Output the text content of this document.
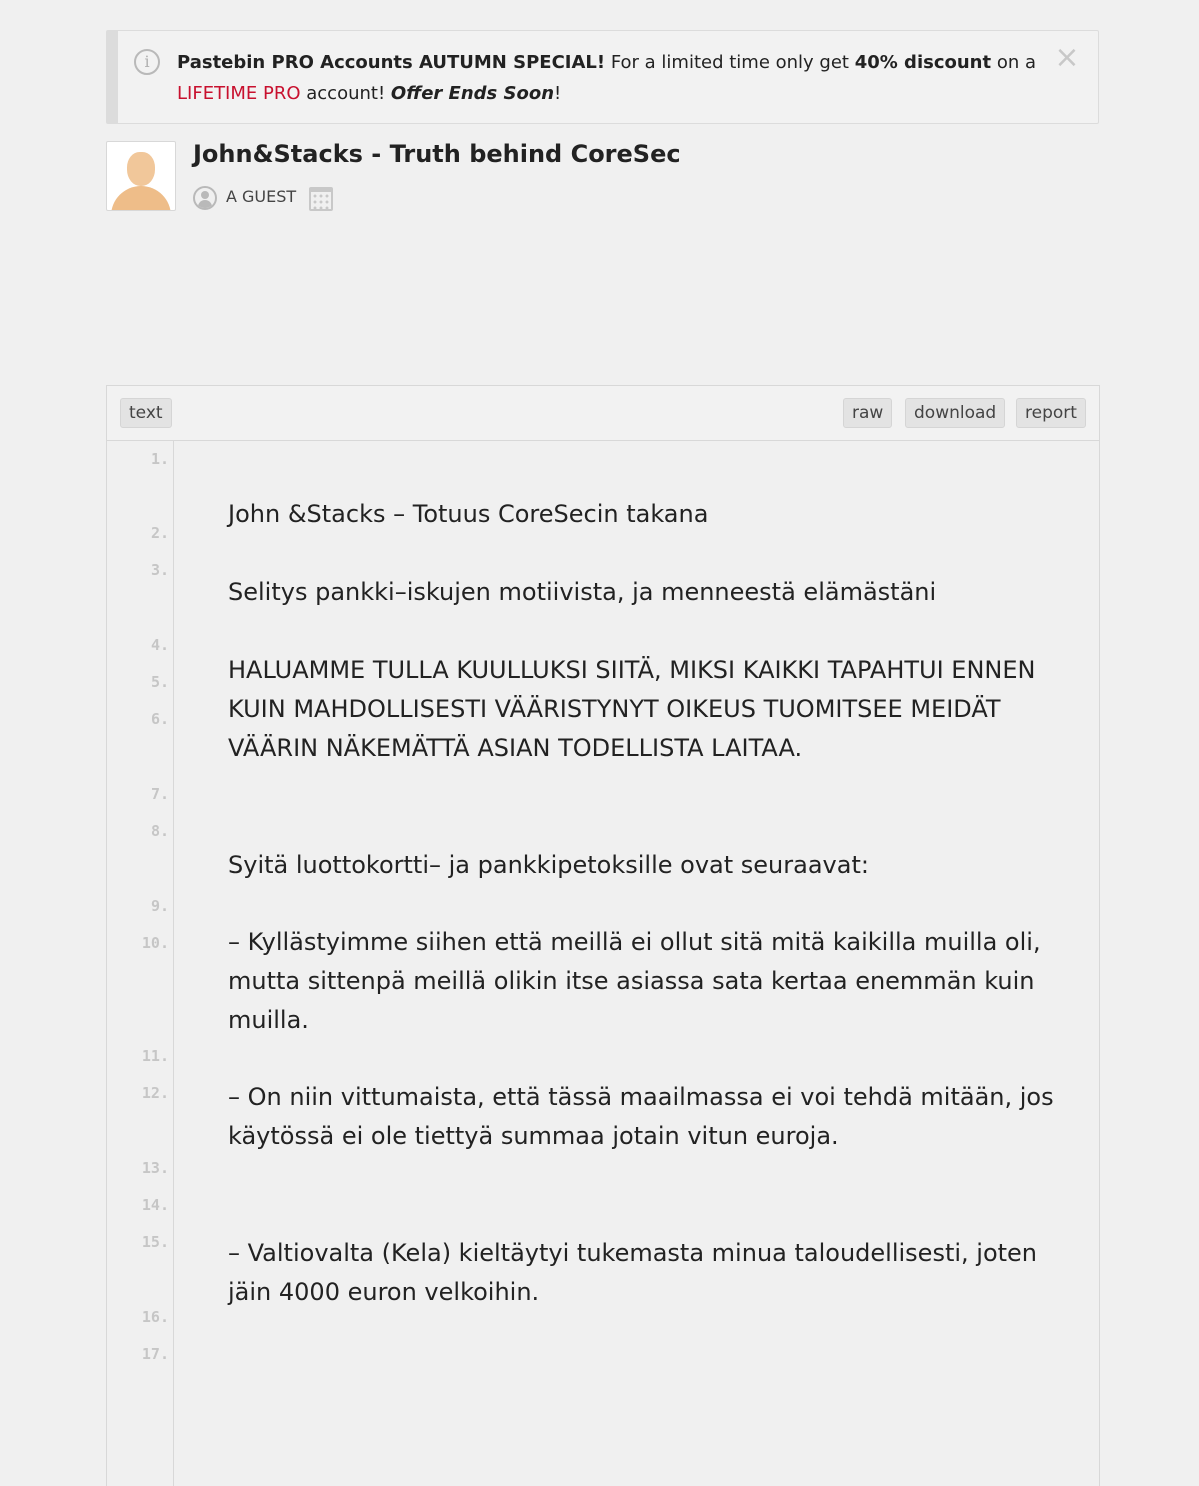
i	Pastebin PRO Accounts AUTUMN SPECIAL! For a limited time only get 40% discount on a LIFETIME PRO account! Offer Ends Soon!
×
John&Stacks - Truth behind CoreSec
A GUEST
text	raw	download	report
1.
2.
3.
4.
5.
6.
7.
8.
9.
10.
11.
12.
13.
14.
15.
16.
17.
John &Stacks – Totuus CoreSecin takana
Selitys pankki–iskujen motiivista, ja menneestä elämästäni
HALUAMME TULLA KUULLUKSI SIITÄ, MIKSI KAIKKI TAPAHTUI ENNEN KUIN MAHDOLLISESTI VÄÄRISTYNYT OIKEUS TUOMITSEE MEIDÄT VÄÄRIN NÄKEMÄTTÄ ASIAN TODELLISTA LAITAA.
Syitä luottokortti– ja pankkipetoksille ovat seuraavat:
– Kyllästyimme siihen että meillä ei ollut sitä mitä kaikilla muilla oli, mutta sittenpä meillä olikin itse asiassa sata kertaa enemmän kuin muilla.
– On niin vittumaista, että tässä maailmassa ei voi tehdä mitään, jos käytössä ei ole tiettyä summaa jotain vitun euroja.
– Valtiovalta (Kela) kieltäytyi tukemasta minua taloudellisesti, joten jäin 4000 euron velkoihin.
